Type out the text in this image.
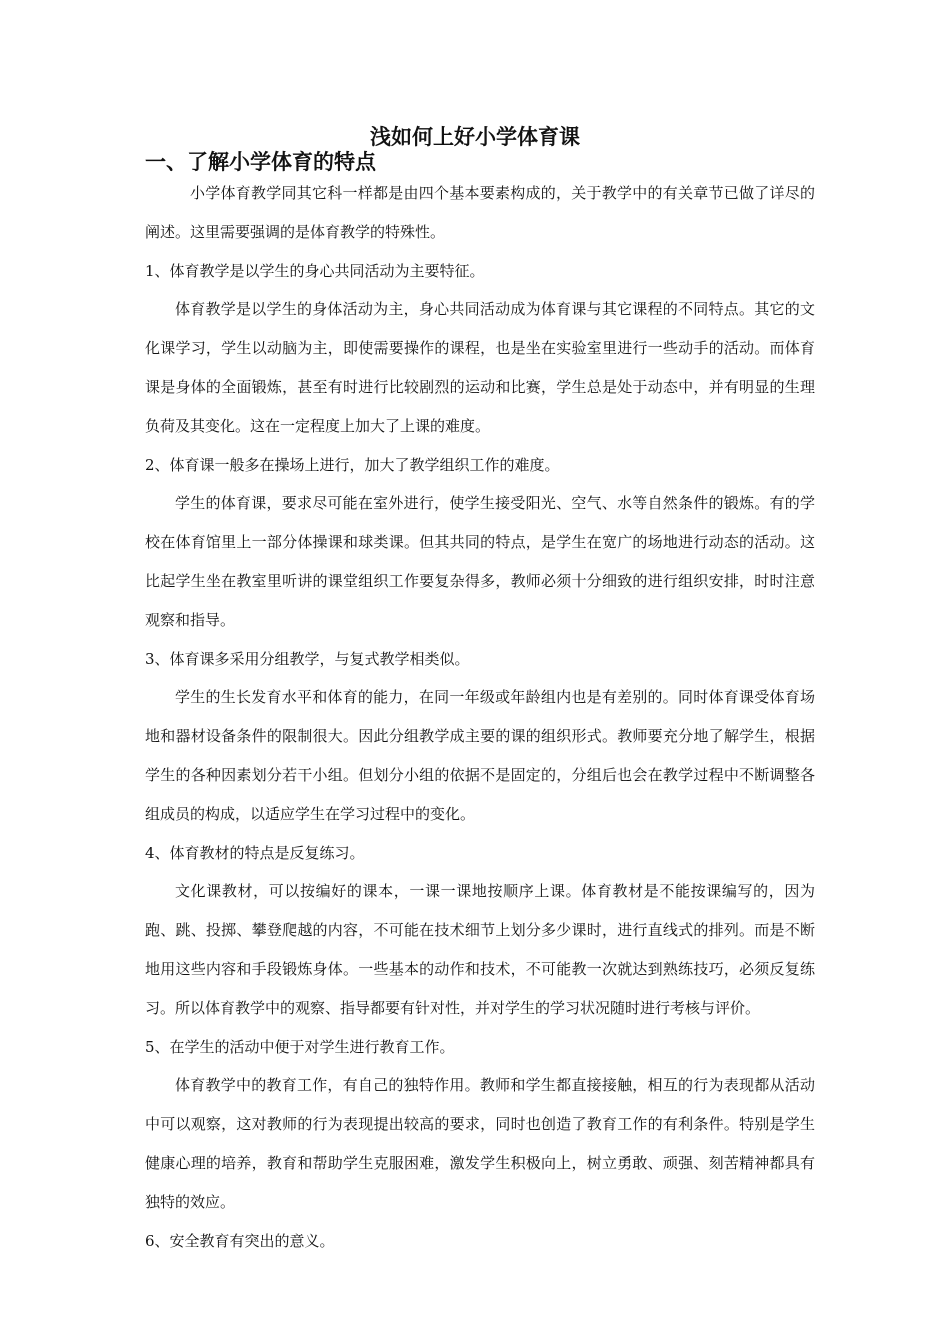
浅如何上好小学体育课
一、了解小学体育的特点

小学体育教学同其它科一样都是由四个基本要素构成的，关于教学中的有关章节已做了详尽的阐述。这里需要强调的是体育教学的特殊性。

1、体育教学是以学生的身心共同活动为主要特征。

体育教学是以学生的身体活动为主，身心共同活动成为体育课与其它课程的不同特点。其它的文化课学习，学生以动脑为主，即使需要操作的课程，也是坐在实验室里进行一些动手的活动。而体育课是身体的全面锻炼，甚至有时进行比较剧烈的运动和比赛，学生总是处于动态中，并有明显的生理负荷及其变化。这在一定程度上加大了上课的难度。

2、体育课一般多在操场上进行，加大了教学组织工作的难度。

学生的体育课，要求尽可能在室外进行，使学生接受阳光、空气、水等自然条件的锻炼。有的学校在体育馆里上一部分体操课和球类课。但其共同的特点，是学生在宽广的场地进行动态的活动。这比起学生坐在教室里听讲的课堂组织工作要复杂得多，教师必须十分细致的进行组织安排，时时注意观察和指导。

3、体育课多采用分组教学，与复式教学相类似。

学生的生长发育水平和体育的能力，在同一年级或年龄组内也是有差别的。同时体育课受体育场地和器材设备条件的限制很大。因此分组教学成主要的课的组织形式。教师要充分地了解学生，根据学生的各种因素划分若干小组。但划分小组的依据不是固定的，分组后也会在教学过程中不断调整各组成员的构成，以适应学生在学习过程中的变化。

4、体育教材的特点是反复练习。

文化课教材，可以按编好的课本，一课一课地按顺序上课。体育教材是不能按课编写的，因为跑、跳、投掷、攀登爬越的内容，不可能在技术细节上划分多少课时，进行直线式的排列。而是不断地用这些内容和手段锻炼身体。一些基本的动作和技术，不可能教一次就达到熟练技巧，必须反复练习。所以体育教学中的观察、指导都要有针对性，并对学生的学习状况随时进行考核与评价。

5、在学生的活动中便于对学生进行教育工作。

体育教学中的教育工作，有自己的独特作用。教师和学生都直接接触，相互的行为表现都从活动中可以观察，这对教师的行为表现提出较高的要求，同时也创造了教育工作的有利条件。特别是学生健康心理的培养，教育和帮助学生克服困难，激发学生积极向上，树立勇敢、顽强、刻苦精神都具有独特的效应。

6、安全教育有突出的意义。
